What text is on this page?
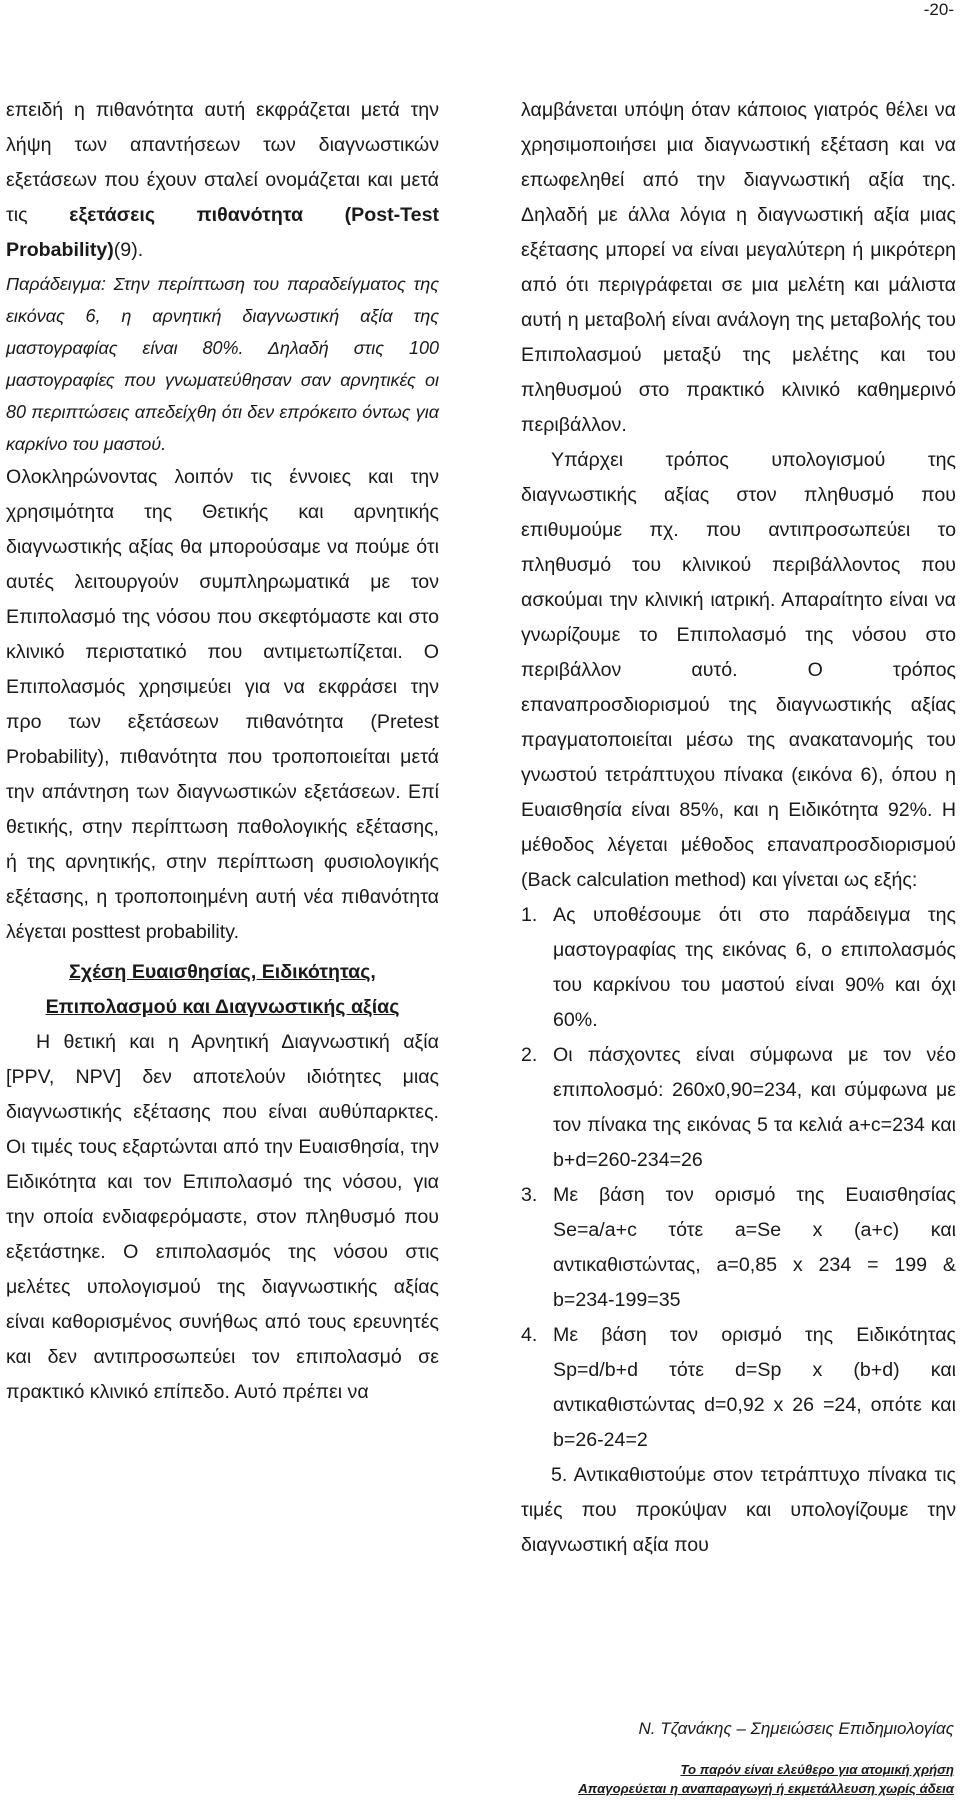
-20-

επειδή η πιθανότητα αυτή εκφράζεται μετά την λήψη των απαντήσεων των διαγνωστικών εξετάσεων που έχουν σταλεί ονομάζεται και μετά τις εξετάσεις πιθανότητα (Post-Test Probability)(9).

Παράδειγμα: Στην περίπτωση του παραδείγματος της εικόνας 6, η αρνητική διαγνωστική αξία της μαστογραφίας είναι 80%. Δηλαδή στις 100 μαστογραφίες που γνωματεύθησαν σαν αρνητικές οι 80 περιπτώσεις απεδείχθη ότι δεν επρόκειτο όντως για καρκίνο του μαστού.

Ολοκληρώνοντας λοιπόν τις έννοιες και την χρησιμότητα της Θετικής και αρνητικής διαγνωστικής αξίας θα μπορούσαμε να πούμε ότι αυτές λειτουργούν συμπληρωματικά με τον Επιπολασμό της νόσου που σκεφτόμαστε και στο κλινικό περιστατικό που αντιμετωπίζεται. Ο Επιπολασμός χρησιμεύει για να εκφράσει την προ των εξετάσεων πιθανότητα (Pretest Probability), πιθανότητα που τροποποιείται μετά την απάντηση των διαγνωστικών εξετάσεων. Επί θετικής, στην περίπτωση παθολογικής εξέτασης, ή της αρνητικής, στην περίπτωση φυσιολογικής εξέτασης, η τροποποιημένη αυτή νέα πιθανότητα λέγεται posttest probability.

Σχέση Ευαισθησίας, Ειδικότητας,

Επιπολασμού και Διαγνωστικής αξίας

Η θετική και η Αρνητική Διαγνωστική αξία [PPV, NPV] δεν αποτελούν ιδιότητες μιας διαγνωστικής εξέτασης που είναι αυθύπαρκτες. Οι τιμές τους εξαρτώνται από την Ευαισθησία, την Ειδικότητα και τον Επιπολασμό της νόσου, για την οποία ενδιαφερόμαστε, στον πληθυσμό που εξετάστηκε. Ο επιπολασμός της νόσου στις μελέτες υπολογισμού της διαγνωστικής αξίας είναι καθορισμένος συνήθως από τους ερευνητές και δεν αντιπροσωπεύει τον επιπολασμό σε πρακτικό κλινικό επίπεδο. Αυτό πρέπει να

λαμβάνεται υπόψη όταν κάποιος γιατρός θέλει να χρησιμοποιήσει μια διαγνωστική εξέταση και να επωφεληθεί από την διαγνωστική αξία της. Δηλαδή με άλλα λόγια η διαγνωστική αξία μιας εξέτασης μπορεί να είναι μεγαλύτερη ή μικρότερη από ότι περιγράφεται σε μια μελέτη και μάλιστα αυτή η μεταβολή είναι ανάλογη της μεταβολής του Επιπολασμού μεταξύ της μελέτης και του πληθυσμού στο πρακτικό κλινικό καθημερινό περιβάλλον.

Υπάρχει τρόπος υπολογισμού της διαγνωστικής αξίας στον πληθυσμό που επιθυμούμε πχ. που αντιπροσωπεύει το πληθυσμό του κλινικού περιβάλλοντος που ασκούμαι την κλινική ιατρική. Απαραίτητο είναι να γνωρίζουμε το Επιπολασμό της νόσου στο περιβάλλον αυτό. Ο τρόπος επαναπροσδιορισμού της διαγνωστικής αξίας πραγματοποιείται μέσω της ανακατανομής του γνωστού τετράπτυχου πίνακα (εικόνα 6), όπου η Ευαισθησία είναι 85%, και η Ειδικότητα 92%. Η μέθοδος λέγεται μέθοδος επαναπροσδιορισμού (Back calculation method) και γίνεται ως εξής:

1. Ας υποθέσουμε ότι στο παράδειγμα της μαστογραφίας της εικόνας 6, ο επιπολασμός του καρκίνου του μαστού είναι 90% και όχι 60%.
2. Οι πάσχοντες είναι σύμφωνα με τον νέο επιπολοσμό: 260x0,90=234, και σύμφωνα με τον πίνακα της εικόνας 5 τα κελιά a+c=234 και b+d=260-234=26
3. Με βάση τον ορισμό της Ευαισθησίας Se=a/a+c τότε a=Se x (a+c) και αντικαθιστώντας, a=0,85 x 234 = 199 & b=234-199=35
4. Με βάση τον ορισμό της Ειδικότητας Sp=d/b+d τότε d=Sp x (b+d) και αντικαθιστώντας d=0,92 x 26 =24, οπότε και b=26-24=2

5. Αντικαθιστούμε στον τετράπτυχο πίνακα τις τιμές που προκύψαν και υπολογίζουμε την διαγνωστική αξία που

Ν. Τζανάκης – Σημειώσεις Επιδημιολογίας
Το παρόν είναι ελεύθερο για ατομική χρήση
Απαγορεύεται η αναπαραγωγή ή εκμετάλλευση χωρίς άδεια
